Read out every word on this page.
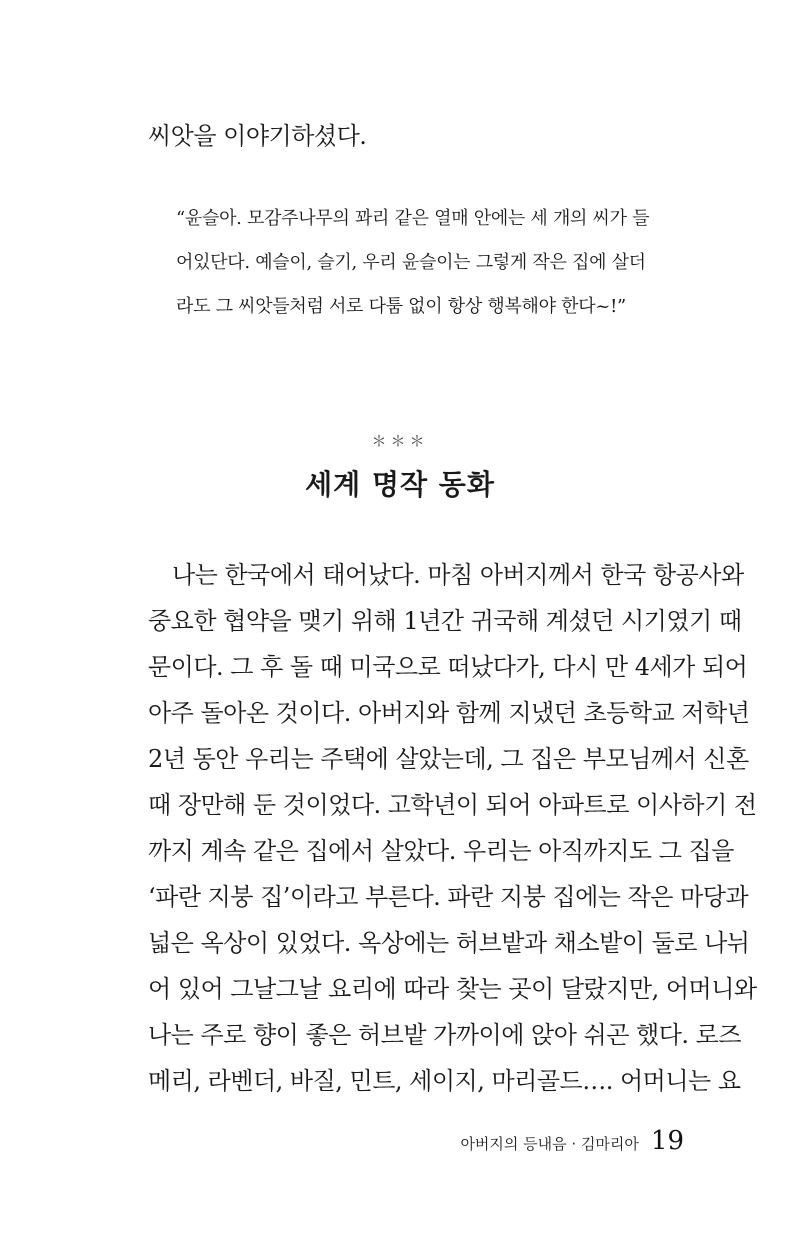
씨앗을 이야기하셨다.
“윤슬아. 모감주나무의 꽈리 같은 열매 안에는 세 개의 씨가 들
어있단다. 예슬이, 슬기, 우리 윤슬이는 그렇게 작은 집에 살더
라도 그 씨앗들처럼 서로 다툼 없이 항상 행복해야 한다~!”
＊＊＊
세계 명작 동화
나는 한국에서 태어났다. 마침 아버지께서 한국 항공사와
중요한 협약을 맺기 위해 1년간 귀국해 계셨던 시기였기 때
문이다. 그 후 돌 때 미국으로 떠났다가, 다시 만 4세가 되어
아주 돌아온 것이다. 아버지와 함께 지냈던 초등학교 저학년
2년 동안 우리는 주택에 살았는데, 그 집은 부모님께서 신혼
때 장만해 둔 것이었다. 고학년이 되어 아파트로 이사하기 전
까지 계속 같은 집에서 살았다. 우리는 아직까지도 그 집을
‘파란 지붕 집’이라고 부른다. 파란 지붕 집에는 작은 마당과
넓은 옥상이 있었다. 옥상에는 허브밭과 채소밭이 둘로 나뉘
어 있어 그날그날 요리에 따라 찾는 곳이 달랐지만, 어머니와
나는 주로 향이 좋은 허브밭 가까이에 앉아 쉬곤 했다. 로즈
메리, 라벤더, 바질, 민트, 세이지, 마리골드…. 어머니는 요
아버지의 등내음 · 김마리아 19
